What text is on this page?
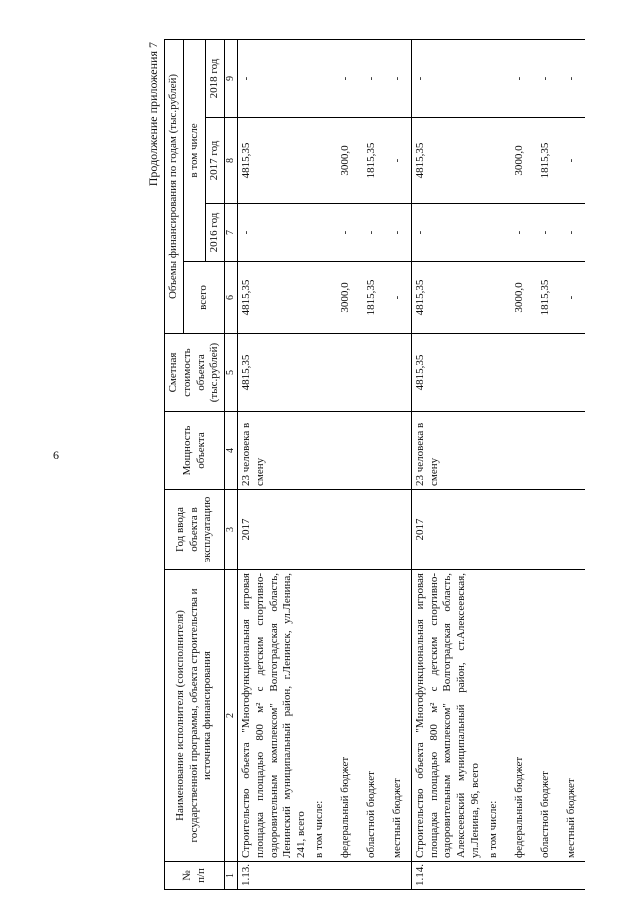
6
Продолжение приложения 7
№ п/п	Наименование исполнителя (соисполнителя) государственной программы, объекта строительства и источника финансирования	Год ввода объекта в эксплуатацию	Мощность объекта	Сметная стоимость объекта (тыс.рублей)	Объемы финансирования по годам (тыс.рублей)			
					всего	в том числе		
						2016 год	2017 год	2018 год
1	2	3	4	5	6	7	8	9
1.13.	Строительство объекта "Многофункциональная игровая площадка площадью 800 м² с детским спортивно-оздоровительным комплексом" Волгоградская область, Ленинский муниципальный район, г.Ленинск, ул.Ленина, 241, всего	2017	23 человека в смену	4815,35	4815,35	-	4815,35	-
	в том числе:							
	федеральный бюджет				3000,0	-	3000,0	-
	областной бюджет				1815,35	-	1815,35	-
	местный бюджет				-	-	-	-
1.14.	Строительство объекта "Многофункциональная игровая площадка площадью 800 м² с детским спортивно-оздоровительным комплексом" Волгоградская область, Алексеевский муниципальный район, ст.Алексеевская, ул.Ленина, 96, всего	2017	23 человека в смену	4815,35	4815,35	-	4815,35	-
	в том числе:							
	федеральный бюджет				3000,0	-	3000,0	-
	областной бюджет				1815,35	-	1815,35	-
	местный бюджет				-	-	-	-
